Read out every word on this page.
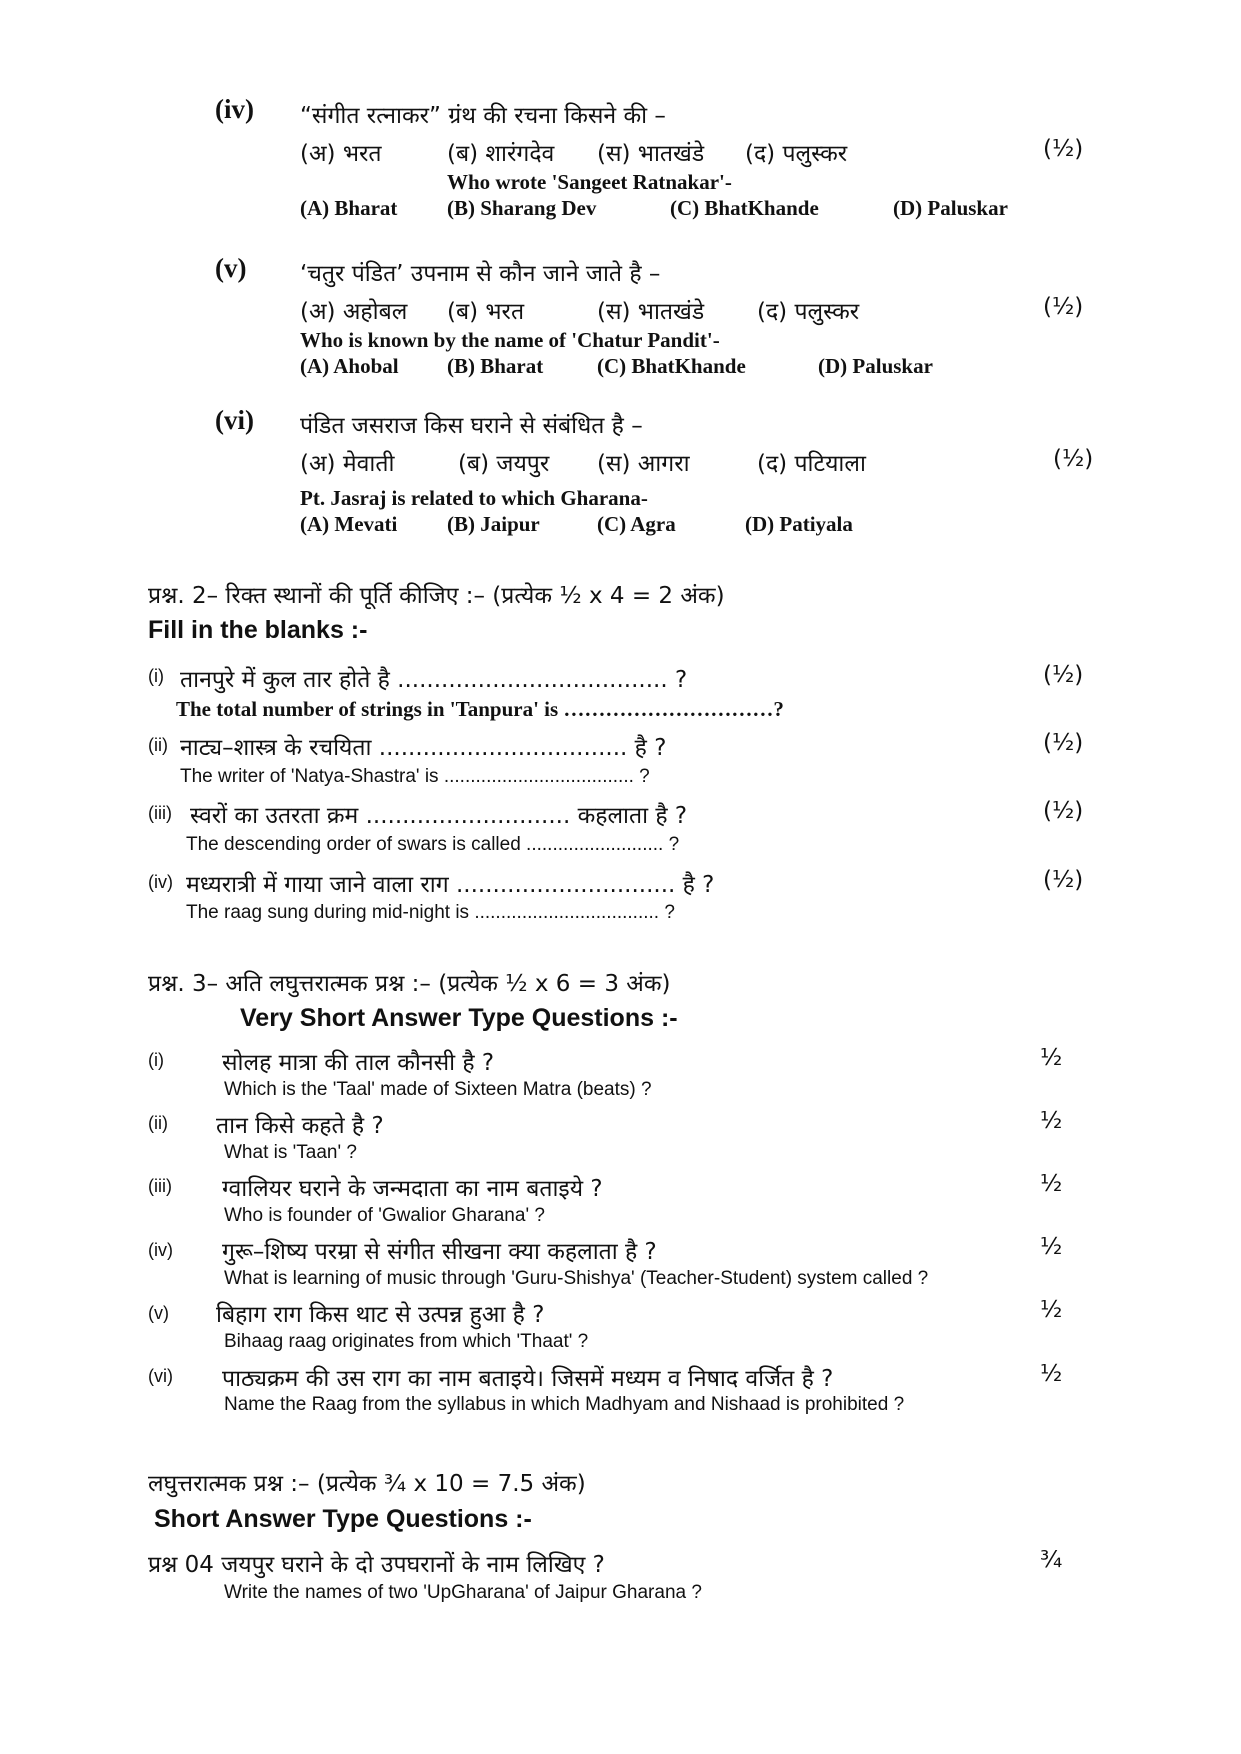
(iv) “संगीत रत्नाकर” ग्रंथ की रचना किसने की –
(अ) भरत	(ब) शारंगदेव (स) भातखंडे (द) पलुस्कर	(½)
Who wrote 'Sangeet Ratnakar'-
(A) Bharat (B) Sharang Dev	(C) BhatKhande	(D) Paluskar
(v) ‘चतुर पंडित’ उपनाम से कौन जाने जाते है –
(अ) अहोबल (ब) भरत	(स) भातखंडे (द) पलुस्कर	(½)
Who is known by the name of 'Chatur Pandit'-
(A) Ahobal (B) Bharat	(C) BhatKhande	(D) Paluskar
(vi) पंडित जसराज किस घराने से संबंधित है –
(अ) मेवाती	(ब) जयपुर (स) आगरा	(द) पटियाला	(½)
Pt. Jasraj is related to which Gharana-
(A) Mevati (B) Jaipur	(C) Agra	(D) Patiyala
प्रश्न. 2– रिक्त स्थानों की पूर्ति कीजिए :– (प्रत्येक ½ x 4 = 2 अंक)
Fill in the blanks :-
(i) तानपुरे में कुल तार होते है ..................................... ?	(½)
The total number of strings in 'Tanpura' is …………………………?
(ii) नाट्य–शास्त्र के रचयिता .................................. है ?	(½)
The writer of 'Natya-Shastra' is .................................... ?
(iii) स्वरों का उतरता क्रम ............................ कहलाता है ?	(½)
The descending order of swars is called .......................... ?
(iv) मध्यरात्री में गाया जाने वाला राग .............................. है ?	(½)
The raag sung during mid-night is ................................... ?
प्रश्न. 3– अति लघुत्तरात्मक प्रश्न :– (प्रत्येक ½ x 6 = 3 अंक)
Very Short Answer Type Questions :-
(i)	सोलह मात्रा की ताल कौनसी है ?	½
Which is the 'Taal' made of Sixteen Matra (beats) ?
(ii) तान किसे कहते है ?	½
What is 'Taan' ?
(iii) ग्वालियर घराने के जन्मदाता का नाम बताइये ?	½
Who is founder of 'Gwalior Gharana' ?
(iv) गुरू–शिष्य परम्रा से संगीत सीखना क्या कहलाता है ?	½
What is learning of music through 'Guru-Shishya' (Teacher-Student) system called ?
(v) बिहाग राग किस थाट से उत्पन्न हुआ है ?	½
Bihaag raag originates from which 'Thaat' ?
(vi) पाठ्यक्रम की उस राग का नाम बताइये। जिसमें मध्यम व निषाद वर्जित है ?	½
Name the Raag from the syllabus in which Madhyam and Nishaad is prohibited ?
लघुत्तरात्मक प्रश्न :– (प्रत्येक ¾ x 10 = 7.5 अंक)
Short Answer Type Questions :-
प्रश्न 04 जयपुर घराने के दो उपघरानों के नाम लिखिए ?	¾
Write the names of two 'UpGharana' of Jaipur Gharana ?
